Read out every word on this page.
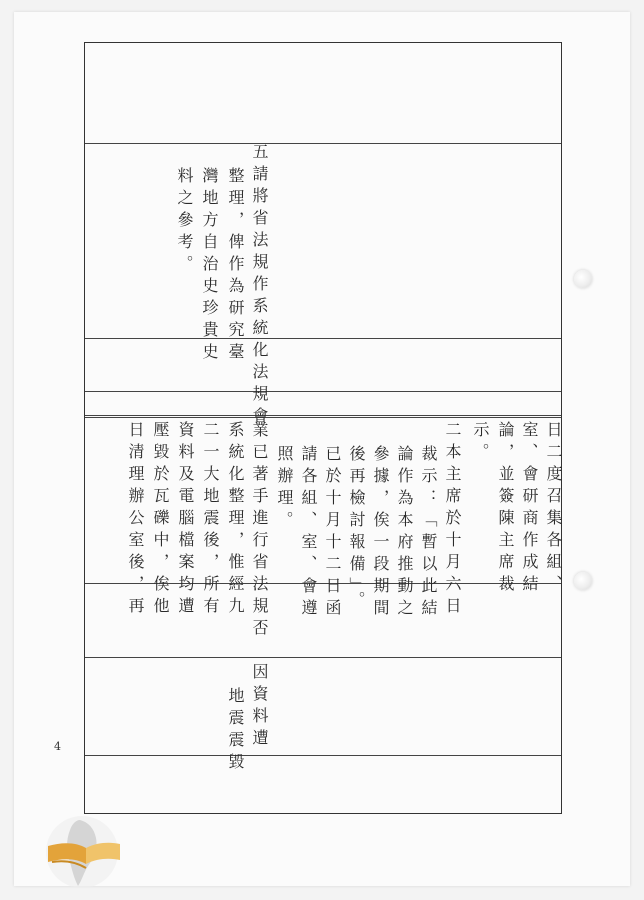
五請將省法規作系統化法規會
整理，俾作為研究臺
灣地方自治史珍貴史
料之參考。
日二度召集各組、
室、會研商作成結
論，並簽陳主席裁
示。
二本主席於十月六日
裁示：「暫以此結
論作為本府推動之
參據，俟一段期間
後再檢討報備」。
已於十月十二日函
請各組、室、會遵
照辦理。
業已著手進行省法規否
系統化整理，惟經九
二一大地震後，所有
資料及電腦檔案均遭
壓毀於瓦礫中，俟他
日清理辦公室後，再
因資料遭
地震震毀
4
